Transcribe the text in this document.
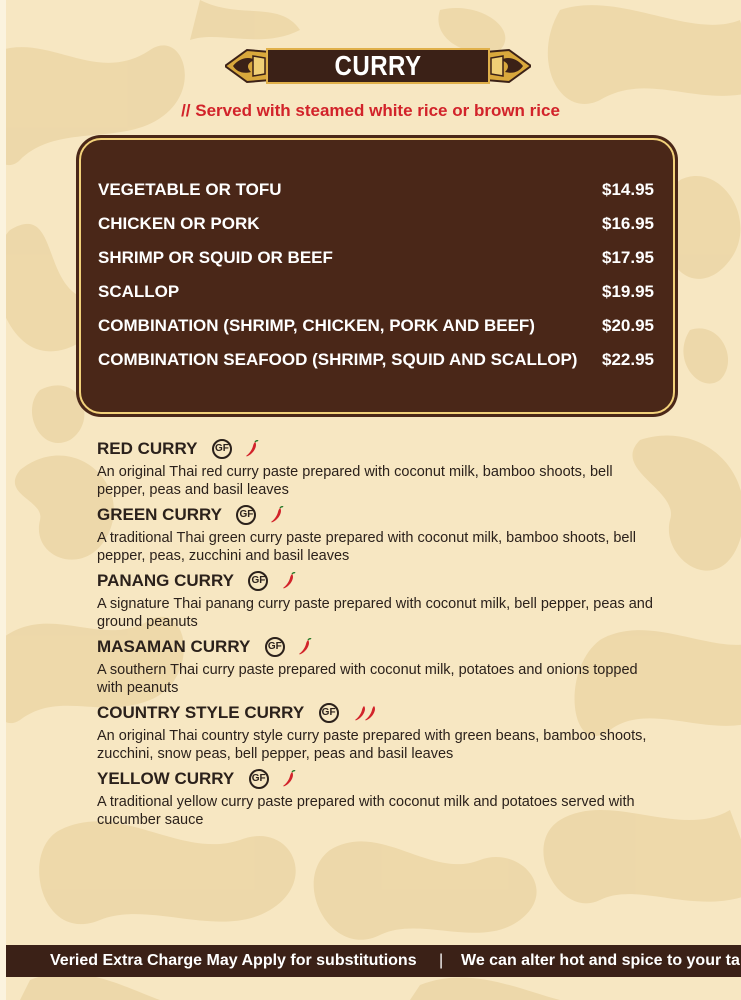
CURRY
// Served with steamed white rice or brown rice
VEGETABLE OR TOFU	$14.95
CHICKEN OR PORK	$16.95
SHRIMP OR SQUID OR BEEF	$17.95
SCALLOP	$19.95
COMBINATION (SHRIMP, CHICKEN, PORK AND BEEF)	$20.95
COMBINATION SEAFOOD (SHRIMP, SQUID AND SCALLOP) $22.95
RED CURRY GF
An original Thai red curry paste prepared with coconut milk, bamboo shoots, bell pepper, peas and basil leaves
GREEN CURRY GF
A traditional Thai green curry paste prepared with coconut milk, bamboo shoots, bell pepper, peas, zucchini and basil leaves
PANANG CURRY GF
A signature Thai panang curry paste prepared with coconut milk, bell pepper, peas and ground peanuts
MASAMAN CURRY GF
A southern Thai curry paste prepared with coconut milk, potatoes and onions topped with peanuts
COUNTRY STYLE CURRY GF
An original Thai country style curry paste prepared with green beans, bamboo shoots, zucchini, snow peas, bell pepper, peas and basil leaves
YELLOW CURRY GF
A traditional yellow curry paste prepared with coconut milk and potatoes served with cucumber sauce
Veried Extra Charge May Apply for substitutions | We can alter hot and spice to your ta
